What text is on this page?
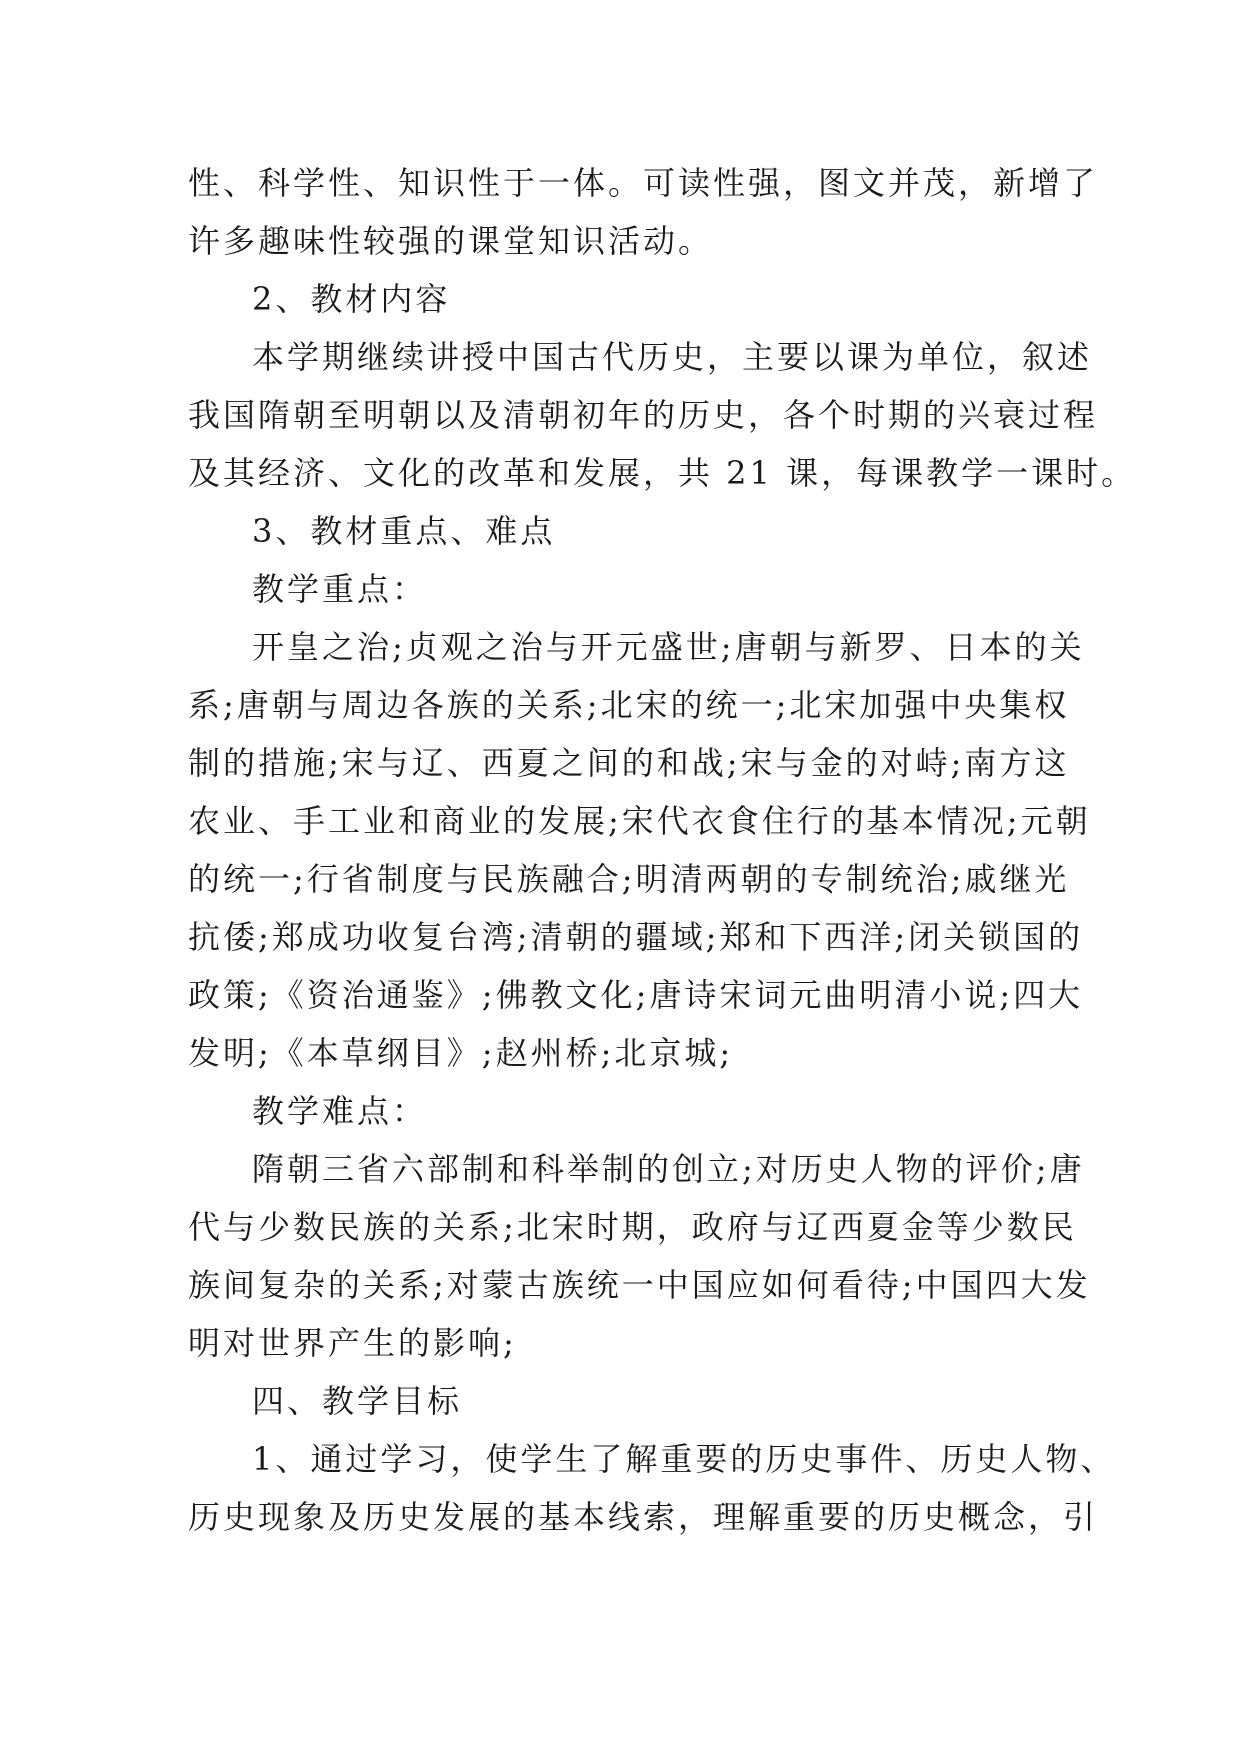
性、科学性、知识性于一体。可读性强，图文并茂，新增了
许多趣味性较强的课堂知识活动。
2、教材内容
本学期继续讲授中国古代历史，主要以课为单位，叙述
我国隋朝至明朝以及清朝初年的历史，各个时期的兴衰过程
及其经济、文化的改革和发展，共 21 课，每课教学一课时。
3、教材重点、难点
教学重点：
开皇之治;贞观之治与开元盛世;唐朝与新罗、日本的关
系;唐朝与周边各族的关系;北宋的统一;北宋加强中央集权
制的措施;宋与辽、西夏之间的和战;宋与金的对峙;南方这
农业、手工业和商业的发展;宋代衣食住行的基本情况;元朝
的统一;行省制度与民族融合;明清两朝的专制统治;戚继光
抗倭;郑成功收复台湾;清朝的疆域;郑和下西洋;闭关锁国的
政策;《资治通鉴》;佛教文化;唐诗宋词元曲明清小说;四大
发明;《本草纲目》;赵州桥;北京城;
教学难点：
隋朝三省六部制和科举制的创立;对历史人物的评价;唐
代与少数民族的关系;北宋时期，政府与辽西夏金等少数民
族间复杂的关系;对蒙古族统一中国应如何看待;中国四大发
明对世界产生的影响;
四、教学目标
1、通过学习，使学生了解重要的历史事件、历史人物、
历史现象及历史发展的基本线索，理解重要的历史概念，引
